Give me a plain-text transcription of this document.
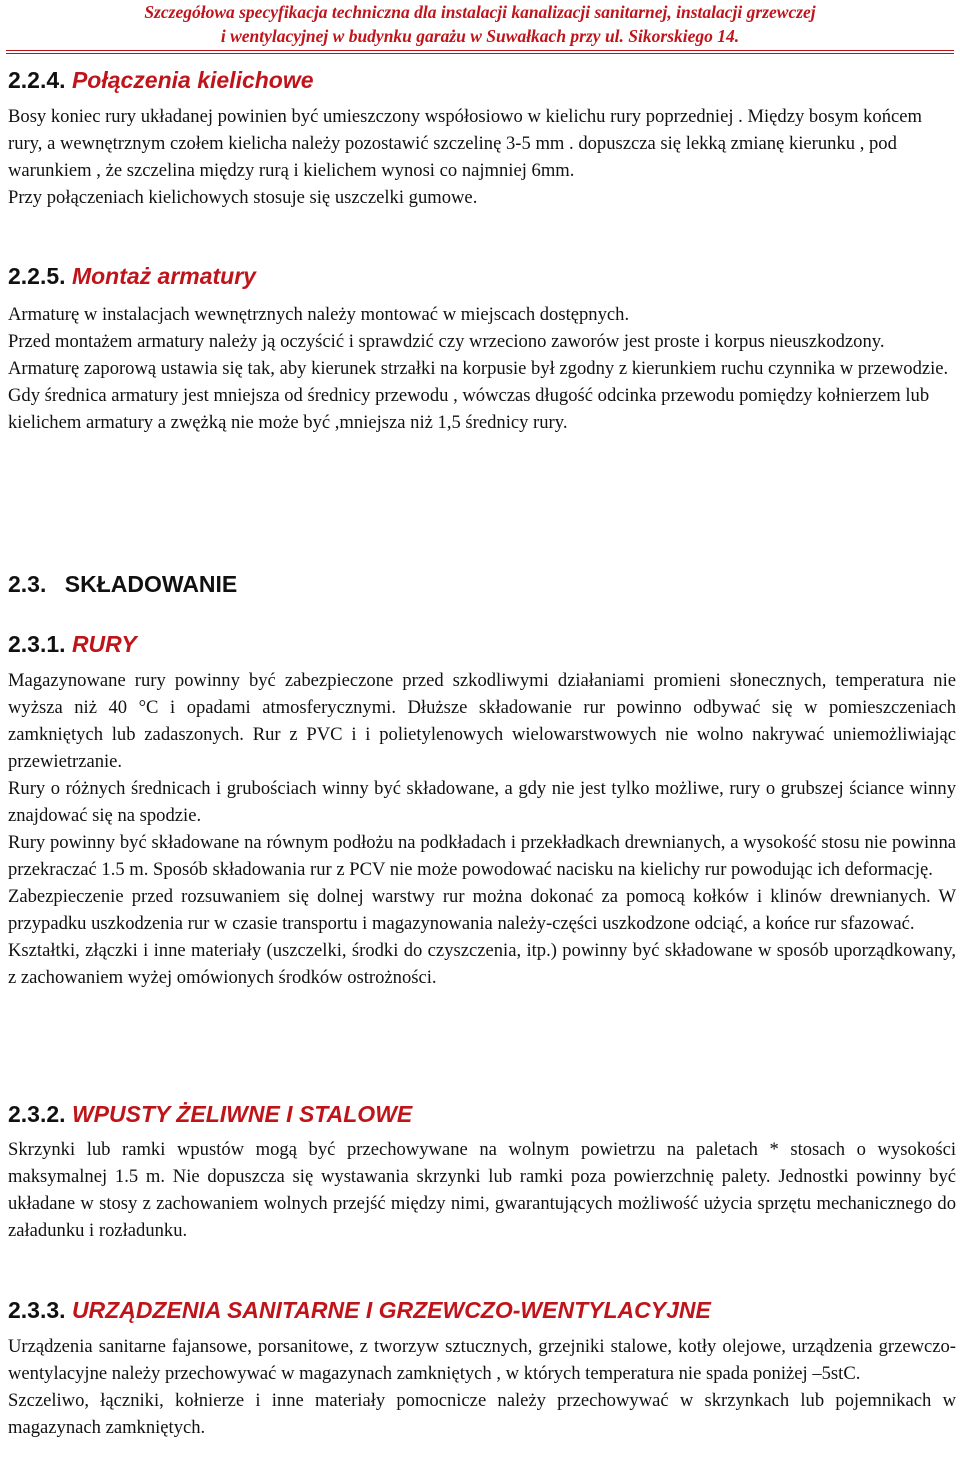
Szczegółowa specyfikacja techniczna dla instalacji kanalizacji sanitarnej, instalacji grzewczej
i wentylacyjnej w budynku garażu w Suwałkach przy ul. Sikorskiego 14.
2.2.4. Połączenia kielichowe

Bosy koniec rury układanej powinien być umieszczony współosiowo w kielichu rury poprzedniej . Między bosym końcem rury, a wewnętrznym czołem kielicha należy pozostawić szczelinę 3-5 mm . dopuszcza się lekką zmianę kierunku , pod warunkiem , że szczelina między rurą i kielichem wynosi co najmniej 6mm.

Przy połączeniach kielichowych stosuje się uszczelki gumowe.

2.2.5. Montaż armatury

Armaturę w instalacjach wewnętrznych należy montować w miejscach dostępnych.

Przed montażem armatury należy ją oczyścić i sprawdzić czy wrzeciono zaworów jest proste i korpus nieuszkodzony.

Armaturę zaporową ustawia się tak, aby kierunek strzałki na korpusie był zgodny z kierunkiem ruchu czynnika w przewodzie.

Gdy średnica armatury jest mniejsza od średnicy przewodu , wówczas długość odcinka przewodu pomiędzy kołnierzem lub kielichem armatury a zwężką nie może być ,mniejsza niż 1,5 średnicy rury.

2.3. SKŁADOWANIE
2.3.1. RURY

Magazynowane rury powinny być zabezpieczone przed szkodliwymi działaniami promieni słonecznych, temperatura nie wyższa niż 40 °C i opadami atmosferycznymi. Dłuższe składowanie rur powinno odbywać się w pomieszczeniach zamkniętych lub zadaszonych. Rur z PVC i i polietylenowych wielowarstwowych nie wolno nakrywać uniemożliwiając przewietrzanie.

Rury o różnych średnicach i grubościach winny być składowane, a gdy nie jest tylko możliwe, rury o grubszej ściance winny znajdować się na spodzie.

Rury powinny być składowane na równym podłożu na podkładach i przekładkach drewnianych, a wysokość stosu nie powinna przekraczać 1.5 m. Sposób składowania rur z PCV nie może powodować nacisku na kielichy rur powodując ich deformację.

Zabezpieczenie przed rozsuwaniem się dolnej warstwy rur można dokonać za pomocą kołków i klinów drewnianych. W przypadku uszkodzenia rur w czasie transportu i magazynowania należy-części uszkodzone odciąć, a końce rur sfazować.

Kształtki, złączki i inne materiały (uszczelki, środki do czyszczenia, itp.) powinny być składowane w sposób uporządkowany, z zachowaniem wyżej omówionych środków ostrożności.

2.3.2. WPUSTY ŻELIWNE I STALOWE

Skrzynki lub ramki wpustów mogą być przechowywane na wolnym powietrzu na paletach * stosach o wysokości maksymalnej 1.5 m. Nie dopuszcza się wystawania skrzynki lub ramki poza powierzchnię palety. Jednostki powinny być układane w stosy z zachowaniem wolnych przejść między nimi, gwarantujących możliwość użycia sprzętu mechanicznego do załadunku i rozładunku.

2.3.3. URZĄDZENIA SANITARNE I GRZEWCZO-WENTYLACYJNE

Urządzenia sanitarne fajansowe, porsanitowe, z tworzyw sztucznych, grzejniki stalowe, kotły olejowe, urządzenia grzewczo-wentylacyjne należy przechowywać w magazynach zamkniętych , w których temperatura nie spada poniżej –5stC.

Szczeliwo, łączniki, kołnierze i inne materiały pomocnicze należy przechowywać w skrzynkach lub pojemnikach w magazynach zamkniętych.
